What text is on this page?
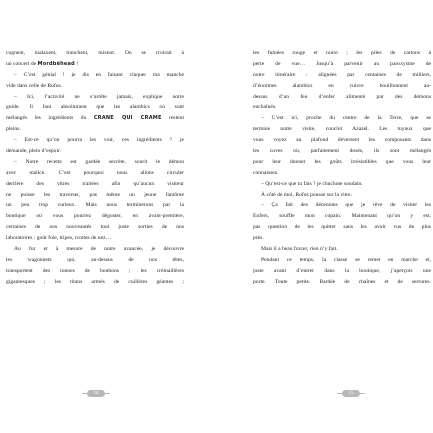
cognent, malaxent, tranchent, mixent. On se croirait à
un concert de Mordbëhead !
– C’est génial ! je dis en faisant claquer ma manche
vide dans celle de Rufus.
– Ici, l’activité ne s’arrête jamais, explique notre
guide. Il faut absolument que les alambics où sont
mélangés les ingrédients du CRANE QUI CRAME restent
pleins.
– Est-ce qu’on pourra les voir, ces ingrédients ? je
demande, plein d’espoir.
– Notre recette est gardée secrète, sourit le démon
avec malice. C’est pourquoi nous allons circuler
derrière des vitres traitées afin qu’aucun visiteur
ne puisse les traverser, pas même un jeune fantôme
un peu trop curieux. Mais nous terminerons par la
boutique où vous pourrez déguster, en avant-première,
certaines de nos nouveautés tout juste sorties de nos
laboratoires : goût foie, tripes, crottes de nez…
Au fur et à mesure de notre avancée, je découvre
les wagonnets qui, au-dessus de nos têtes,
transportent des tonnes de bonbons ; les crémaillères
gigantesques ; les titans armés de cuillères géantes ;
les fumées rouge et noire ; les piles de cartons à
perte de vue… Jusqu’à parvenir au paroxysme de
notre itinéraire : alignées par centaines de milliers,
d’énormes alambics en cuivre bouillonnent au-
dessus d’un feu d’enfer alimenté par des démons
enchaînés.
– C’est ici, proche du centre de la Terre, que se
termine notre visite, conclut Azazel. Les tuyaux que
vous voyez au plafond déversent les composants dans
les cuves où, parfaitement dosés, ils sont mélangés
pour leur donner les goûts irrésistibles que vous leur
connaissez.
– Qu’est-ce que tu fais ? je chuchote soudain.
À côté de moi, Rufus pousse sur la vitre.
– Ça fait des décennies que je rêve de visiter les
Enfers, souffle mon copain. Maintenant qu’on y est,
pas question de les quitter sans les avoir vus de plus
près.
Mais il a beau forcer, rien n’y fait.
Pendant ce temps, la classe se remet en marche et,
juste avant d’entrer dans la boutique, j’aperçois une
porte. Toute petite. Bardée de chaînes et de serrures.
14	15
